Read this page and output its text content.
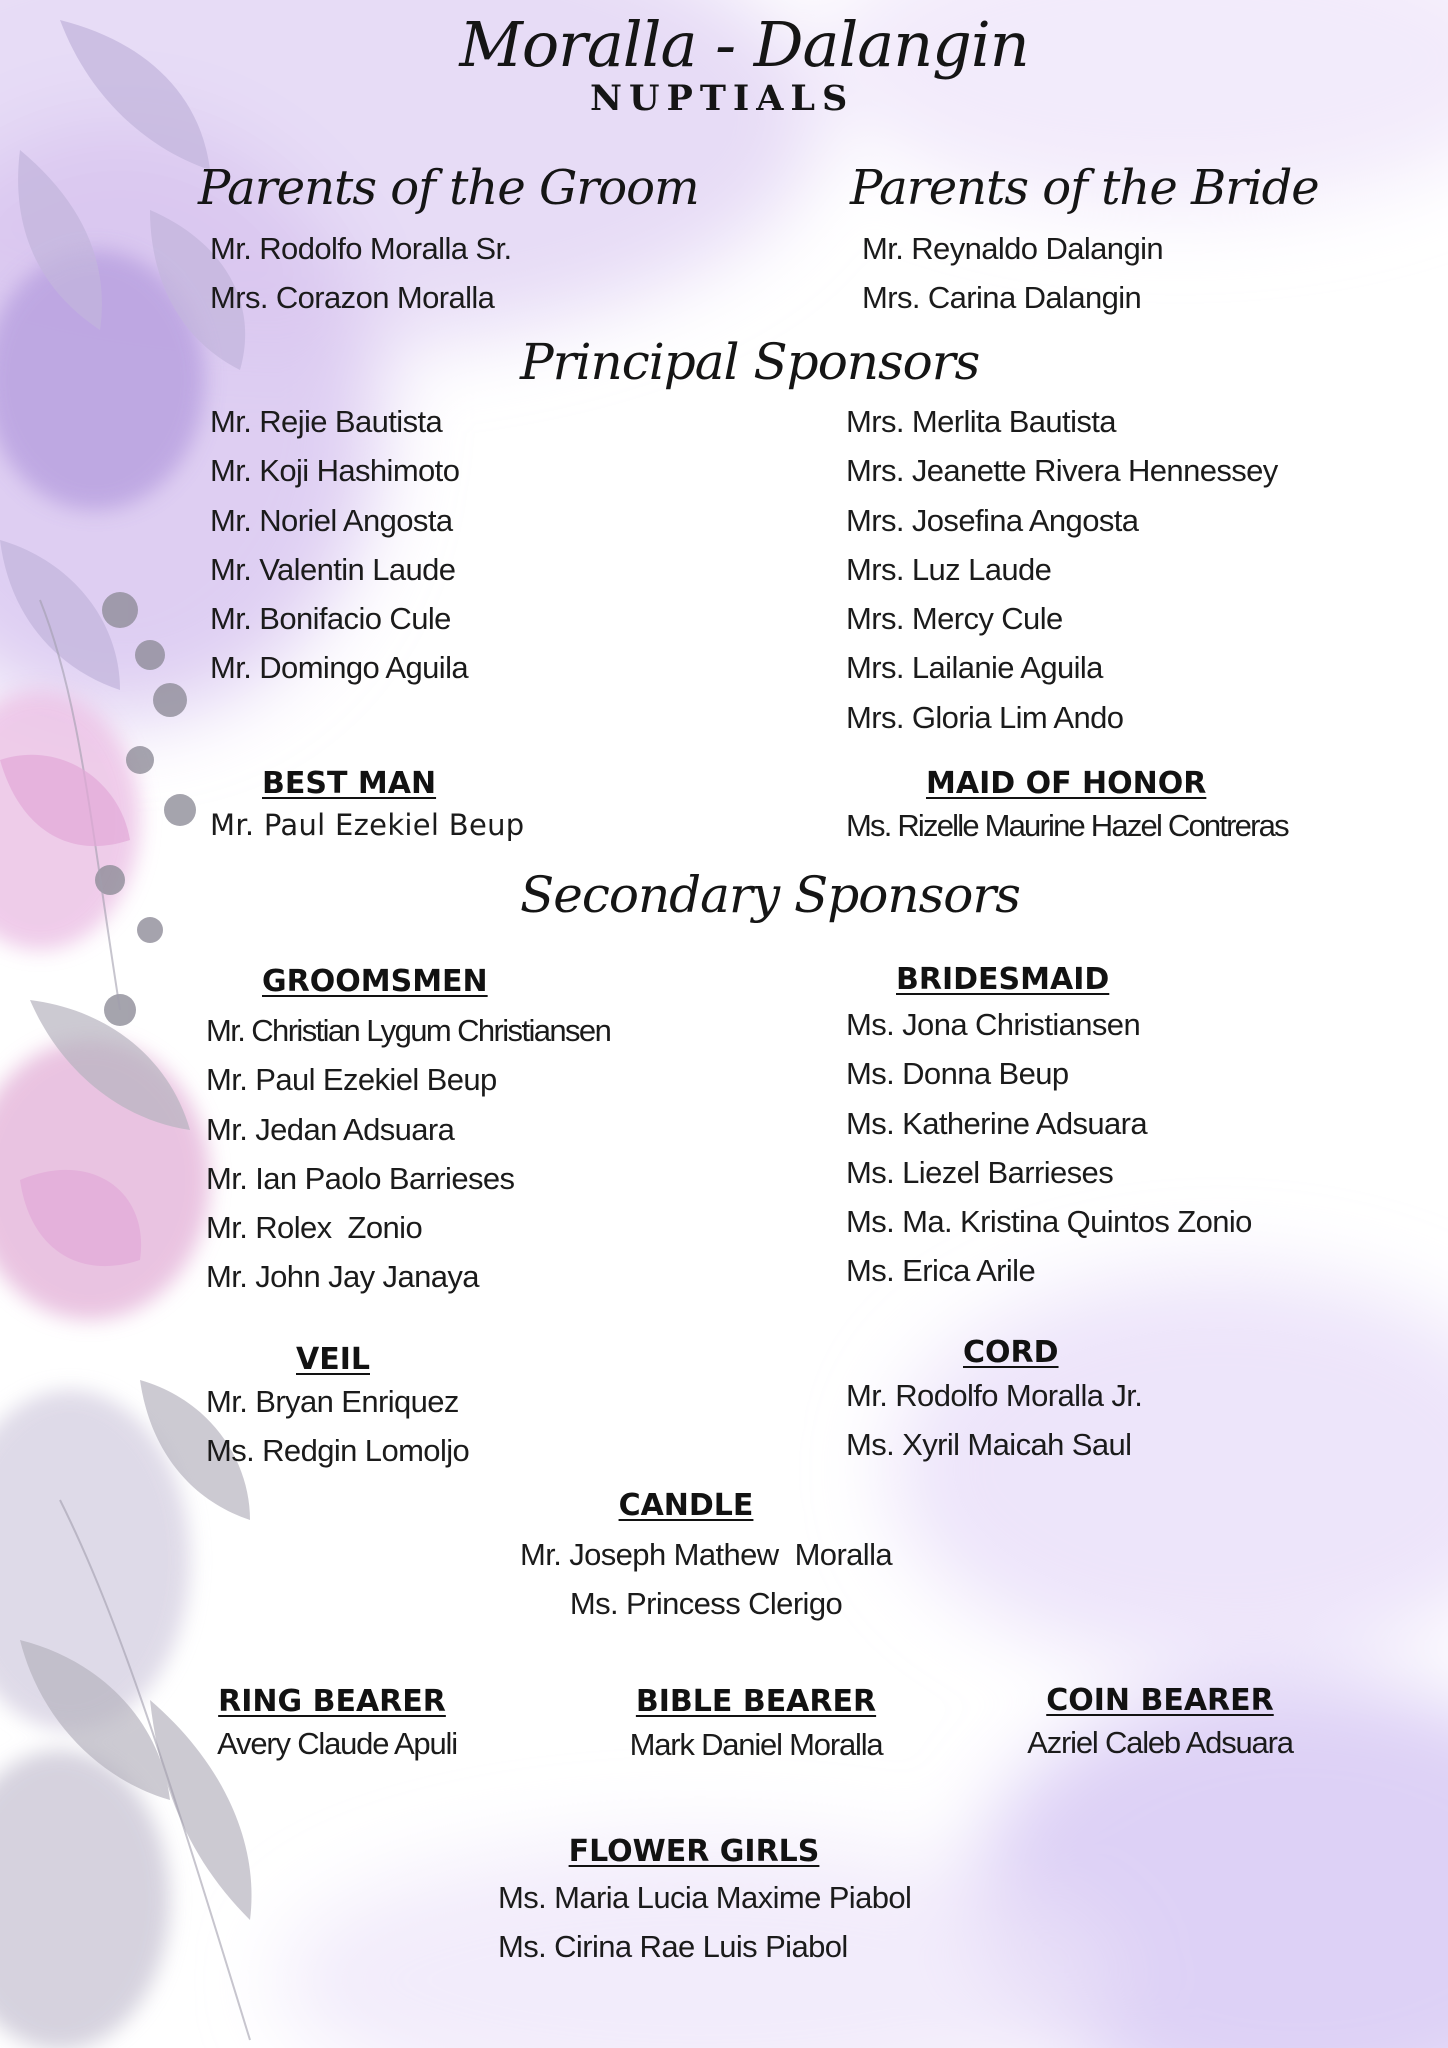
Moralla - Dalangin
NUPTIALS
Parents of the Groom
Mr. Rodolfo Moralla Sr.
Mrs. Corazon Moralla
Parents of the Bride
Mr. Reynaldo Dalangin
Mrs. Carina Dalangin
Principal Sponsors
Mr. Rejie Bautista
Mr. Koji Hashimoto
Mr. Noriel Angosta
Mr. Valentin Laude
Mr. Bonifacio Cule
Mr. Domingo Aguila
Mrs. Merlita Bautista
Mrs. Jeanette Rivera Hennessey
Mrs. Josefina Angosta
Mrs. Luz Laude
Mrs. Mercy Cule
Mrs. Lailanie Aguila
Mrs. Gloria Lim Ando
BEST MAN
Mr. Paul Ezekiel Beup
MAID OF HONOR
Ms. Rizelle Maurine Hazel Contreras
Secondary Sponsors
GROOMSMEN
Mr. Christian Lygum Christiansen
Mr. Paul Ezekiel Beup
Mr. Jedan Adsuara
Mr. Ian Paolo Barrieses
Mr. Rolex  Zonio
Mr. John Jay Janaya
BRIDESMAID
Ms. Jona Christiansen
Ms. Donna Beup
Ms. Katherine Adsuara
Ms. Liezel Barrieses
Ms. Ma. Kristina Quintos Zonio
Ms. Erica Arile
VEIL
Mr. Bryan Enriquez
Ms. Redgin Lomoljo
CORD
Mr. Rodolfo Moralla Jr.
Ms. Xyril Maicah Saul
CANDLE
Mr. Joseph Mathew  Moralla
Ms. Princess Clerigo
RING BEARER
Avery Claude Apuli
BIBLE BEARER
Mark Daniel Moralla
COIN BEARER
Azriel Caleb Adsuara
FLOWER GIRLS
Ms. Maria Lucia Maxime Piabol
Ms. Cirina Rae Luis Piabol
